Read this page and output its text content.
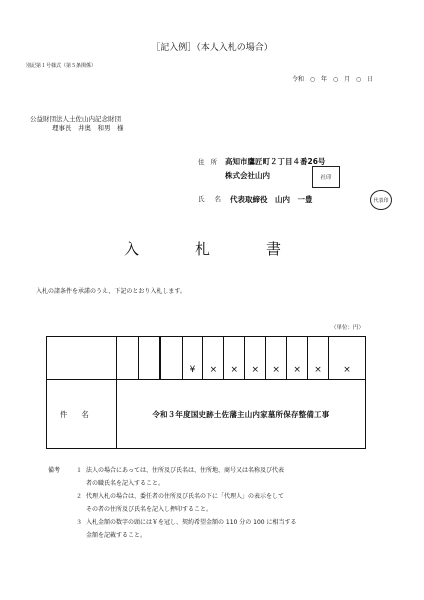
［記入例］（本人入札の場合）
別記第１号様式（第５条関係）
令和 ○ 年 ○ 月 ○ 日
公益財団法人土佐山内記念財団
理事長　井奥　和男　様
住所 高知市鷹匠町２丁目４番26号
株式会社山内	社印
氏名 代表取締役　山内　一豊	代表印
入札書
入札の諸条件を承諾のうえ、下記のとおり入札します。
（単位：円）
				¥	×	×	×	×	×	×	×
件名	令和３年度国史跡土佐藩主山内家墓所保存整備工事										
備考	１ 法人の場合にあっては、住所及び氏名は、住所地、商号又は名称及び代表
者の職氏名を記入すること。
２ 代理入札の場合は、委任者の住所及び氏名の下に「代理人」の表示をして
その者の住所及び氏名を記入し押印すること。
３ 入札金額の数字の頭には￥を冠し、契約希望金額の 110 分の 100 に相当する
金額を記載すること。
